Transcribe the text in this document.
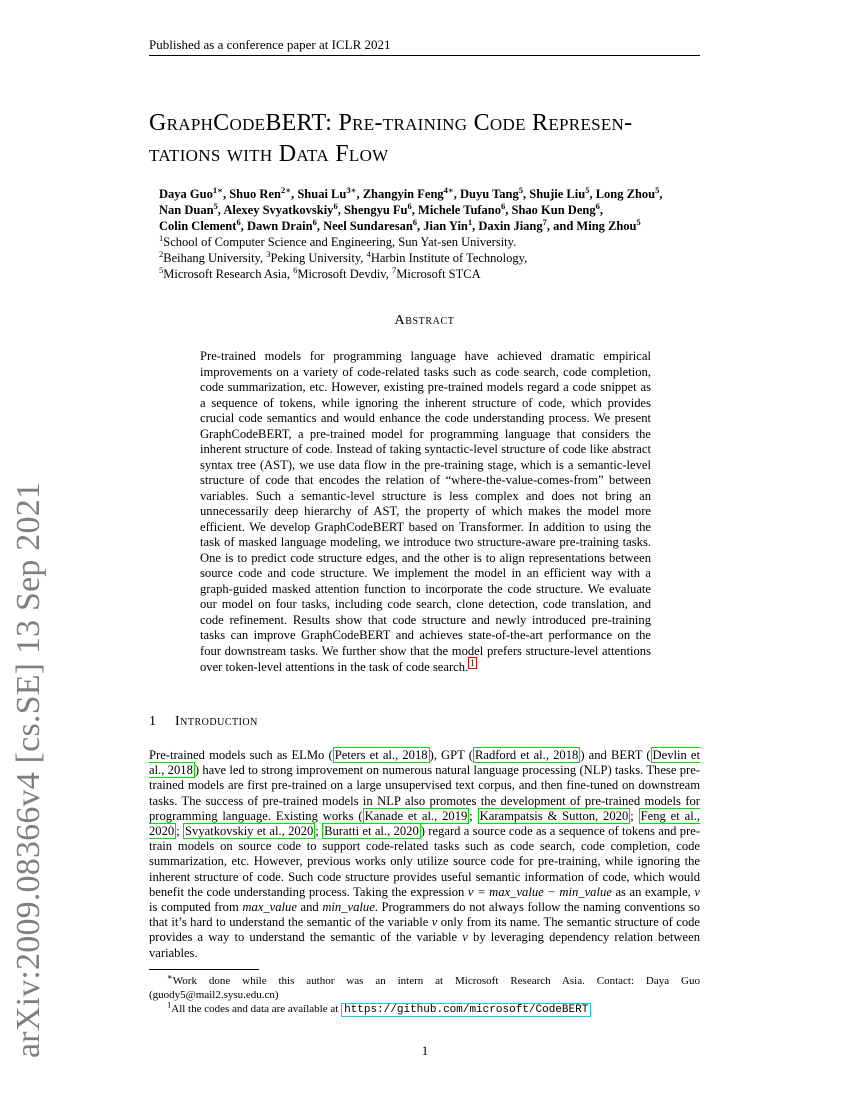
Published as a conference paper at ICLR 2021
arXiv:2009.08366v4 [cs.SE] 13 Sep 2021
GraphCodeBERT: Pre-training Code Represen- tations with Data Flow
Daya Guo$^{1∗}$, Shuo Ren$^{2∗}$, Shuai $Lu^{3∗}$, Zhangyin Feng$^{4∗}$, Duyu Tang$^5$, Shujie Liu$^5$, Long Zhou$^5$,
Nan Duan$^5$, Alexey Svyatkovskiy$^6$, Shengyu Fu$^6$, Michele Tufano$^6$, Shao Kun Deng$^6$,
Colin Clement$^6$, Dawn Drain$^6$, Neel Sundaresan$^6$, Jian Yin$^1$, Daxin Jiang$^7$, and Ming Zhou$^5$
$^1$School of Computer Science and Engineering, Sun Yat-sen University.
$^2$Beihang University, $^3$Peking University, $^4$Harbin Institute of Technology,
$^5$Microsoft Research Asia, $^6$Microsoft Devdiv, $^7$Microsoft STCA
Abstract

Pre-trained models for programming language have achieved dramatic empirical improvements on a variety of code-related tasks such as code search, code completion, code summarization, etc. However, existing pre-trained models regard a code snippet as a sequence of tokens, while ignoring the inherent structure of code, which provides crucial code semantics and would enhance the code understanding process. We present GraphCodeBERT, a pre-trained model for programming language that considers the inherent structure of code. Instead of taking syntactic-level structure of code like abstract syntax tree (AST), we use data flow in the pre-training stage, which is a semantic-level structure of code that encodes the relation of “where-the-value-comes-from” between variables. Such a semantic-level structure is less complex and does not bring an unnecessarily deep hierarchy of AST, the property of which makes the model more efficient. We develop GraphCodeBERT based on Transformer. In addition to using the task of masked language modeling, we introduce two structure-aware pre-training tasks. One is to predict code structure edges, and the other is to align representations between source code and code structure. We implement the model in an efficient way with a graph-guided masked attention function to incorporate the code structure. We evaluate our model on four tasks, including code search, clone detection, code translation, and code refinement. Results show that code structure and newly introduced pre-training tasks can improve GraphCodeBERT and achieves state-of-the-art performance on the four downstream tasks. We further show that the model prefers structure-level attentions over token-level attentions in the task of code search. $^1$

1 Introduction

Pre-trained models such as ELMo ( Peters et al., 2018 ), GPT ( Radford et al., 2018 ) and BERT ( Devlin et al., 2018 ) have led to strong improvement on numerous natural language processing (NLP) tasks. These pre-trained models are first pre-trained on a large unsupervised text corpus, and then fine-tuned on downstream tasks. The success of pre-trained models in NLP also promotes the development of pre-trained models for programming language. Existing works ( Kanade et al., 2019 ; Karampatsis & Sutton, 2020 ; Feng et al., 2020 ; Svyatkovskiy et al., 2020 ; Buratti et al., 2020 ) regard a source code as a sequence of tokens and pre-train models on source code to support code-related tasks such as code search, code completion, code summarization, etc. However, previous works only utilize source code for pre-training, while ignoring the inherent structure of code. Such code structure provides useful semantic information of code, which would benefit the code understanding process. Taking the expression v = max_value − min_value as an example, v is computed from max_value and min_value. Programmers do not always follow the naming conventions so that it’s hard to understand the semantic of the variable v only from its name. The semantic structure of code provides a way to understand the semantic of the variable v by leveraging dependency relation between variables.

∗Work done while this author was an intern at Microsoft Research Asia. Contact: Daya Guo (guody5@mail2.sysu.edu.cn)

$^1$All the codes and data are available at https://github.com/microsoft/CodeBERT

1
